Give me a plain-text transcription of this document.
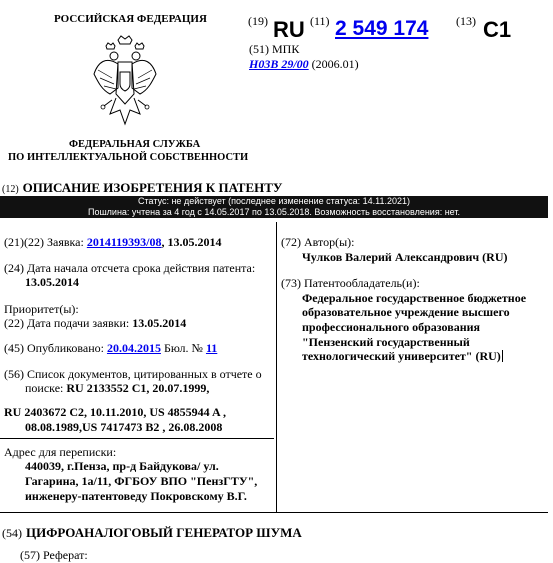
РОССИЙСКАЯ ФЕДЕРАЦИЯ
ФЕДЕРАЛЬНАЯ СЛУЖБА
ПО ИНТЕЛЛЕКТУАЛЬНОЙ СОБСТВЕННОСТИ
(19) RU (11) 2 549 174 (13) C1
(51) МПК
H03B 29/00 (2006.01)
(12) ОПИСАНИЕ ИЗОБРЕТЕНИЯ К ПАТЕНТУ
Статус: не действует (последнее изменение статуса: 14.11.2021)
Пошлина: учтена за 4 год с 14.05.2017 по 13.05.2018. Возможность восстановления: нет.
(21)(22) Заявка: 2014119393/08, 13.05.2014
(24) Дата начала отсчета срока действия патента:
13.05.2014
Приоритет(ы):
(22) Дата подачи заявки: 13.05.2014
(45) Опубликовано: 20.04.2015 Бюл. № 11
(56) Список документов, цитированных в отчете о
поиске: RU 2133552 C1, 20.07.1999,
RU 2403672 C2, 10.11.2010, US 4855944 A ,
08.08.1989,US 7417473 B2 , 26.08.2008
Адрес для переписки:
440039, г.Пенза, пр-д Байдукова/ ул.
Гагарина, 1а/11, ФГБОУ ВПО "ПензГТУ",
инженеру-патентоведу Покровскому В.Г.
(72) Автор(ы):
Чулков Валерий Александрович (RU)
(73) Патентообладатель(и):
Федеральное государственное бюджетное
образовательное учреждение высшего
профессионального образования
"Пензенский государственный
технологический университет" (RU)
(54) ЦИФРОАНАЛОГОВЫЙ ГЕНЕРАТОР ШУМА
(57) Реферат:
